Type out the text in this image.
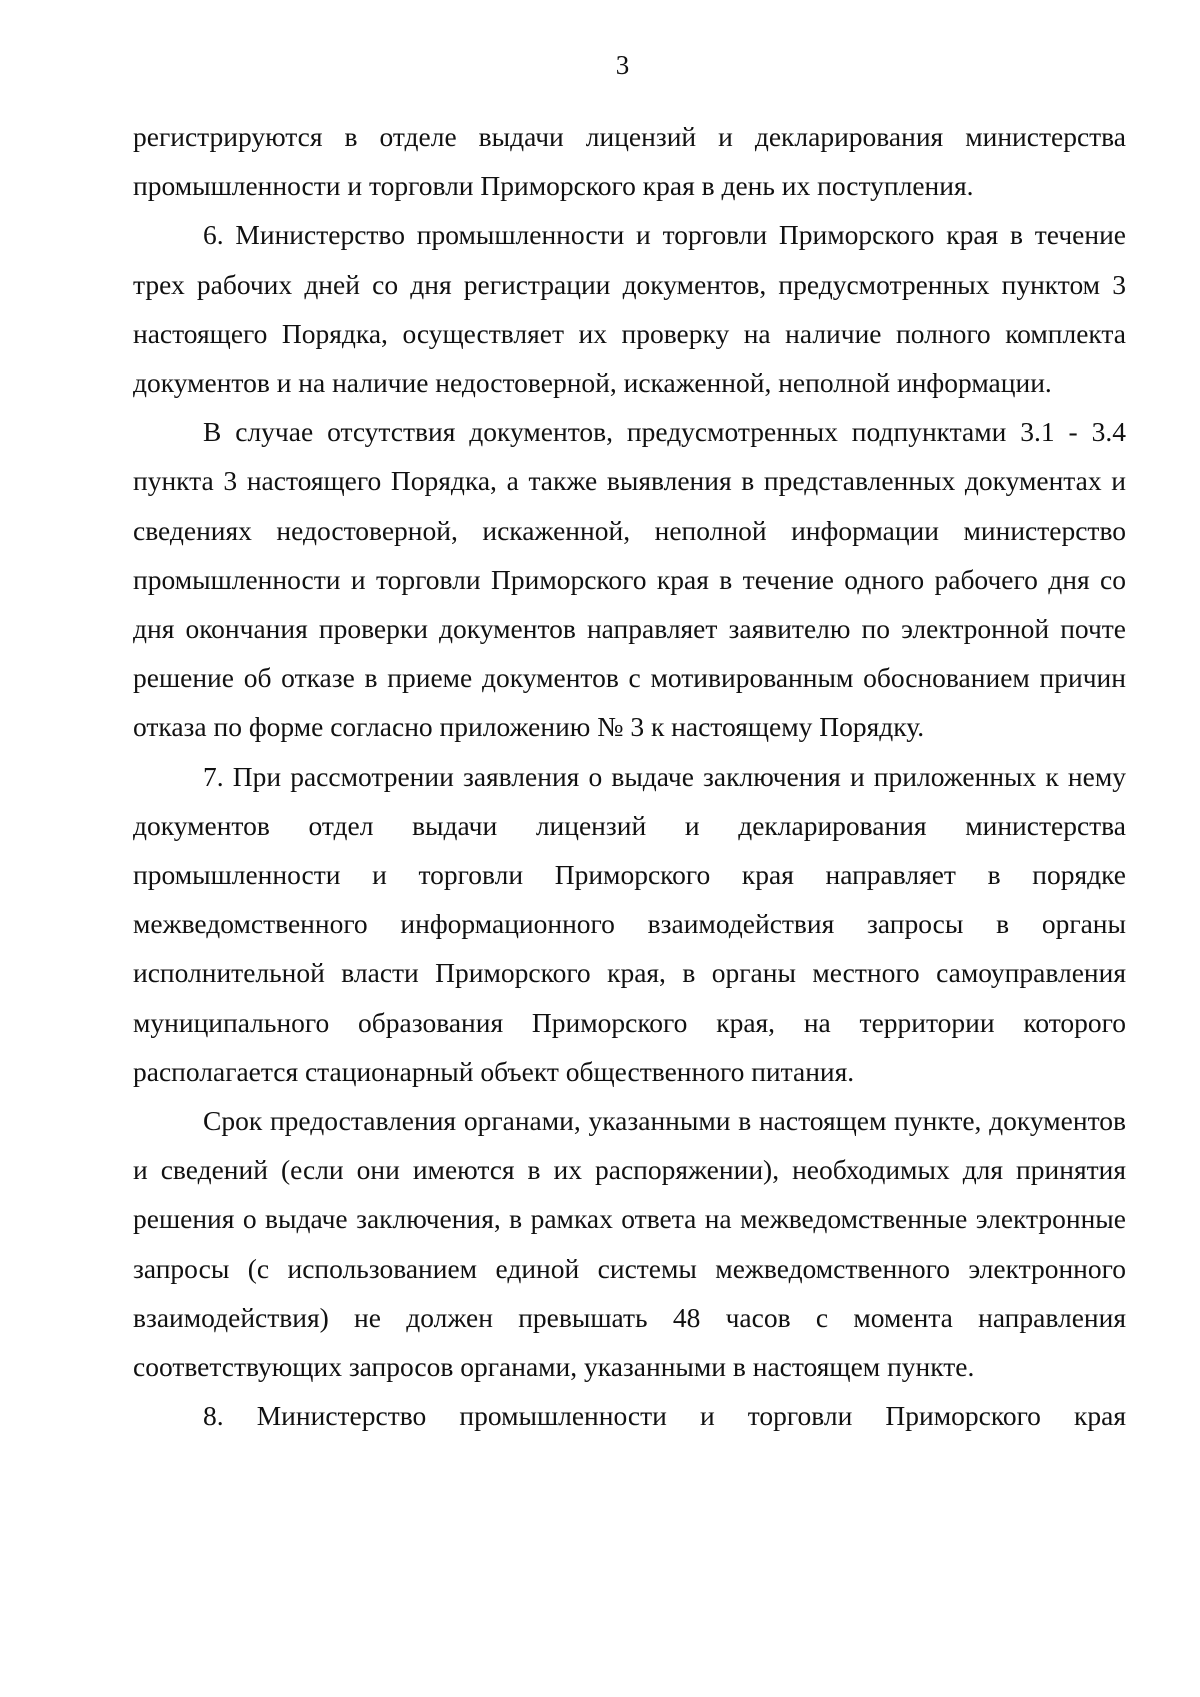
3

регистрируются в отделе выдачи лицензий и декларирования министерства промышленности и торговли Приморского края в день их поступления.

6. Министерство промышленности и торговли Приморского края в течение трех рабочих дней со дня регистрации документов, предусмотренных пунктом 3 настоящего Порядка, осуществляет их проверку на наличие полного комплекта документов и на наличие недостоверной, искаженной, неполной информации.

В случае отсутствия документов, предусмотренных подпунктами 3.1 - 3.4 пункта 3 настоящего Порядка, а также выявления в представленных документах и сведениях недостоверной, искаженной, неполной информации министерство промышленности и торговли Приморского края в течение одного рабочего дня со дня окончания проверки документов направляет заявителю по электронной почте решение об отказе в приеме документов с мотивированным обоснованием причин отказа по форме согласно приложению № 3 к настоящему Порядку.

7. При рассмотрении заявления о выдаче заключения и приложенных к нему документов отдел выдачи лицензий и декларирования министерства промышленности и торговли Приморского края направляет в порядке межведомственного информационного взаимодействия запросы в органы исполнительной власти Приморского края, в органы местного самоуправления муниципального образования Приморского края, на территории которого располагается стационарный объект общественного питания.

Срок предоставления органами, указанными в настоящем пункте, документов и сведений (если они имеются в их распоряжении), необходимых для принятия решения о выдаче заключения, в рамках ответа на межведомственные электронные запросы (с использованием единой системы межведомственного электронного взаимодействия) не должен превышать 48 часов с момента направления соответствующих запросов органами, указанными в настоящем пункте.

8. Министерство промышленности и торговли Приморского края
